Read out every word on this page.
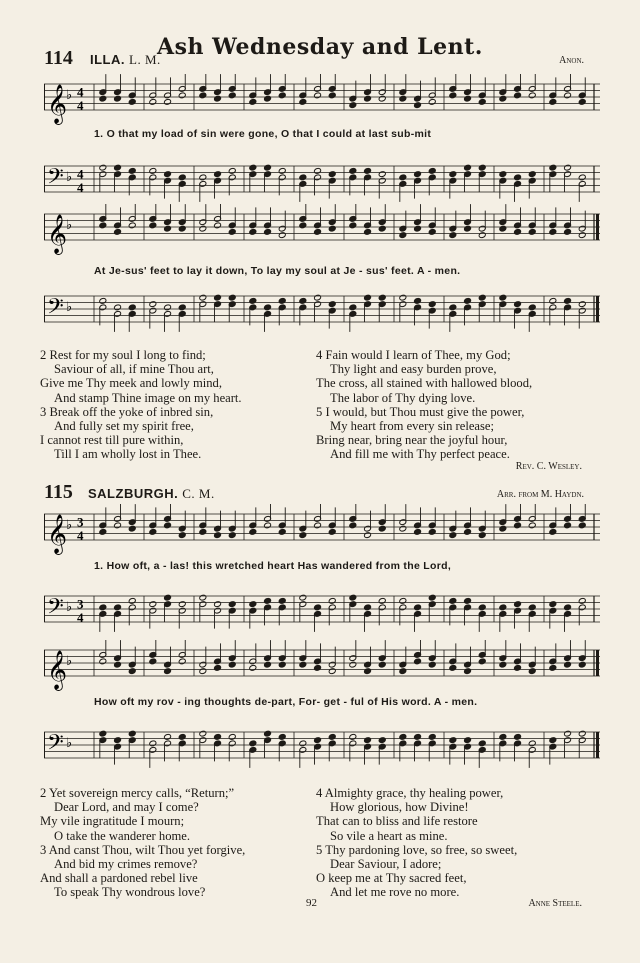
Ash Wednesday and Lent.
114 ILLA. L. M.	Anon.
𝄞
♭ 4
4
𝄢 ♭ 4
4
1. O that my load of sin were gone, O that I could at last sub-mit
𝄞
♭
𝄢 ♭
At Je-sus' feet to lay it down, To lay my soul at Je - sus' feet. A - men.
2 Rest for my soul I long to find;
Saviour of all, if mine Thou art,
Give me Thy meek and lowly mind,
And stamp Thine image on my heart.
3 Break off the yoke of inbred sin,
And fully set my spirit free,
I cannot rest till pure within,
Till I am wholly lost in Thee.
4 Fain would I learn of Thee, my God;
Thy light and easy burden prove,
The cross, all stained with hallowed blood,
The labor of Thy dying love.
5 I would, but Thou must give the power,
My heart from every sin release;
Bring near, bring near the joyful hour,
And fill me with Thy perfect peace.
Rev. C. Wesley.
115 SALZBURGH. C. M.	Arr. from M. Haydn.
𝄞
♭ 3
4
𝄢 ♭ 3
4
1. How oft, a - las! this wretched heart Has wandered from the Lord,
𝄞
♭
𝄢 ♭
How oft my rov - ing thoughts de-part, For- get - ful of His word. A - men.
2 Yet sovereign mercy calls, “Return;”
Dear Lord, and may I come?
My vile ingratitude I mourn;
O take the wanderer home.
3 And canst Thou, wilt Thou yet forgive,
And bid my crimes remove?
And shall a pardoned rebel live
To speak Thy wondrous love?
4 Almighty grace, thy healing power,
How glorious, how Divine!
That can to bliss and life restore
So vile a heart as mine.
5 Thy pardoning love, so free, so sweet,
Dear Saviour, I adore;
O keep me at Thy sacred feet,
And let me rove no more.
92	Anne Steele.
